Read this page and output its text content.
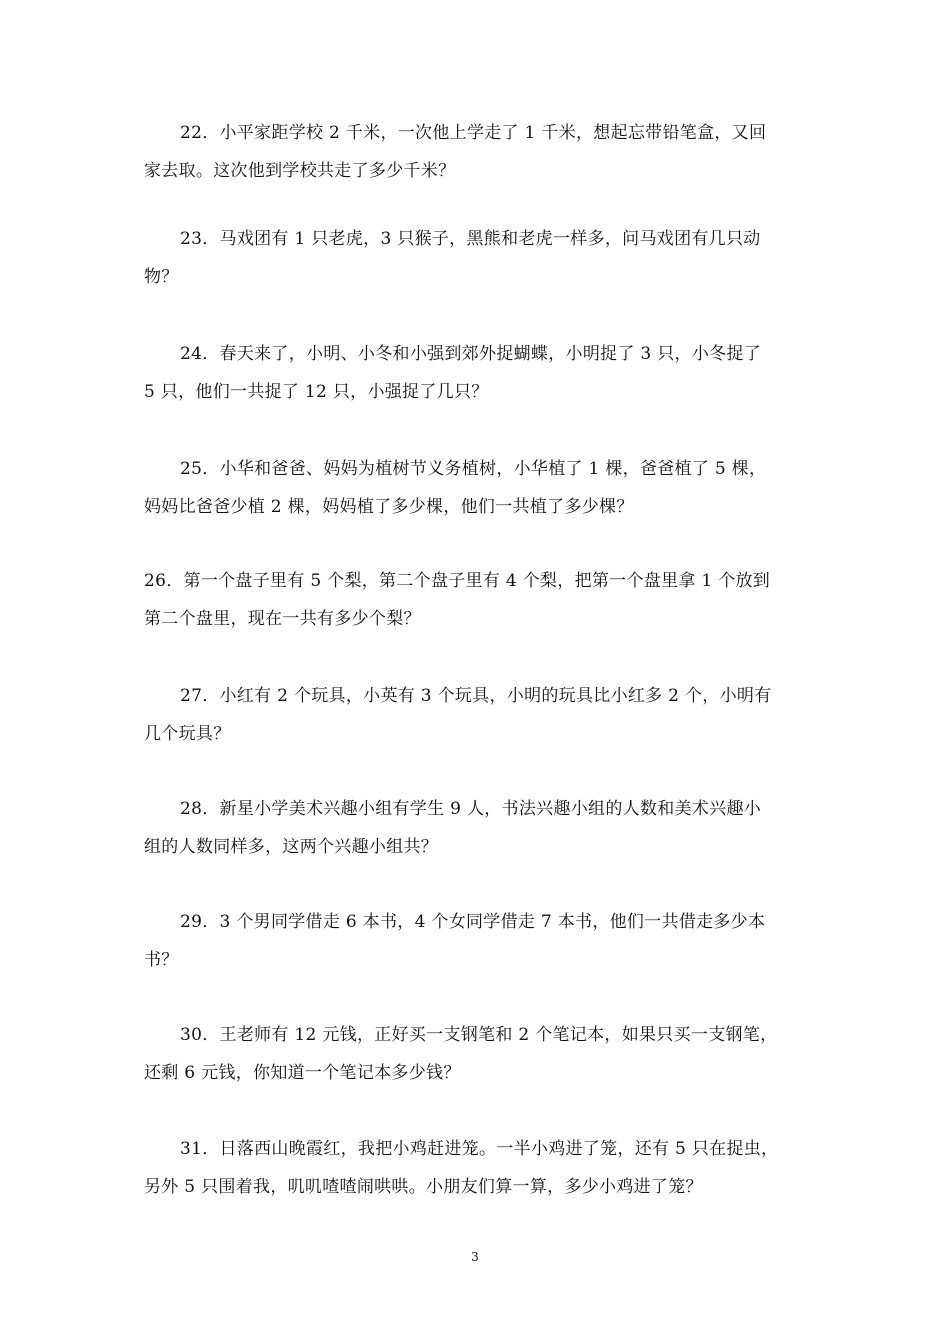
22．小平家距学校 2 千米，一次他上学走了 1 千米，想起忘带铅笔盒，又回
家去取。这次他到学校共走了多少千米？
23．马戏团有 1 只老虎，3 只猴子，黑熊和老虎一样多，问马戏团有几只动
物？
24．春天来了，小明、小冬和小强到郊外捉蝴蝶，小明捉了 3 只，小冬捉了
5 只，他们一共捉了 12 只，小强捉了几只？
25．小华和爸爸、妈妈为植树节义务植树，小华植了 1 棵，爸爸植了 5 棵，
妈妈比爸爸少植 2 棵，妈妈植了多少棵，他们一共植了多少棵？
26．第一个盘子里有 5 个梨，第二个盘子里有 4 个梨，把第一个盘里拿 1 个放到
第二个盘里，现在一共有多少个梨？
27．小红有 2 个玩具，小英有 3 个玩具，小明的玩具比小红多 2 个，小明有
几个玩具？
28．新星小学美术兴趣小组有学生 9 人，书法兴趣小组的人数和美术兴趣小
组的人数同样多，这两个兴趣小组共？
29．3 个男同学借走 6 本书，4 个女同学借走 7 本书，他们一共借走多少本
书？
30．王老师有 12 元钱，正好买一支钢笔和 2 个笔记本，如果只买一支钢笔，
还剩 6 元钱，你知道一个笔记本多少钱？
31．日落西山晚霞红，我把小鸡赶进笼。一半小鸡进了笼，还有 5 只在捉虫，
另外 5 只围着我，叽叽喳喳闹哄哄。小朋友们算一算，多少小鸡进了笼？
3
